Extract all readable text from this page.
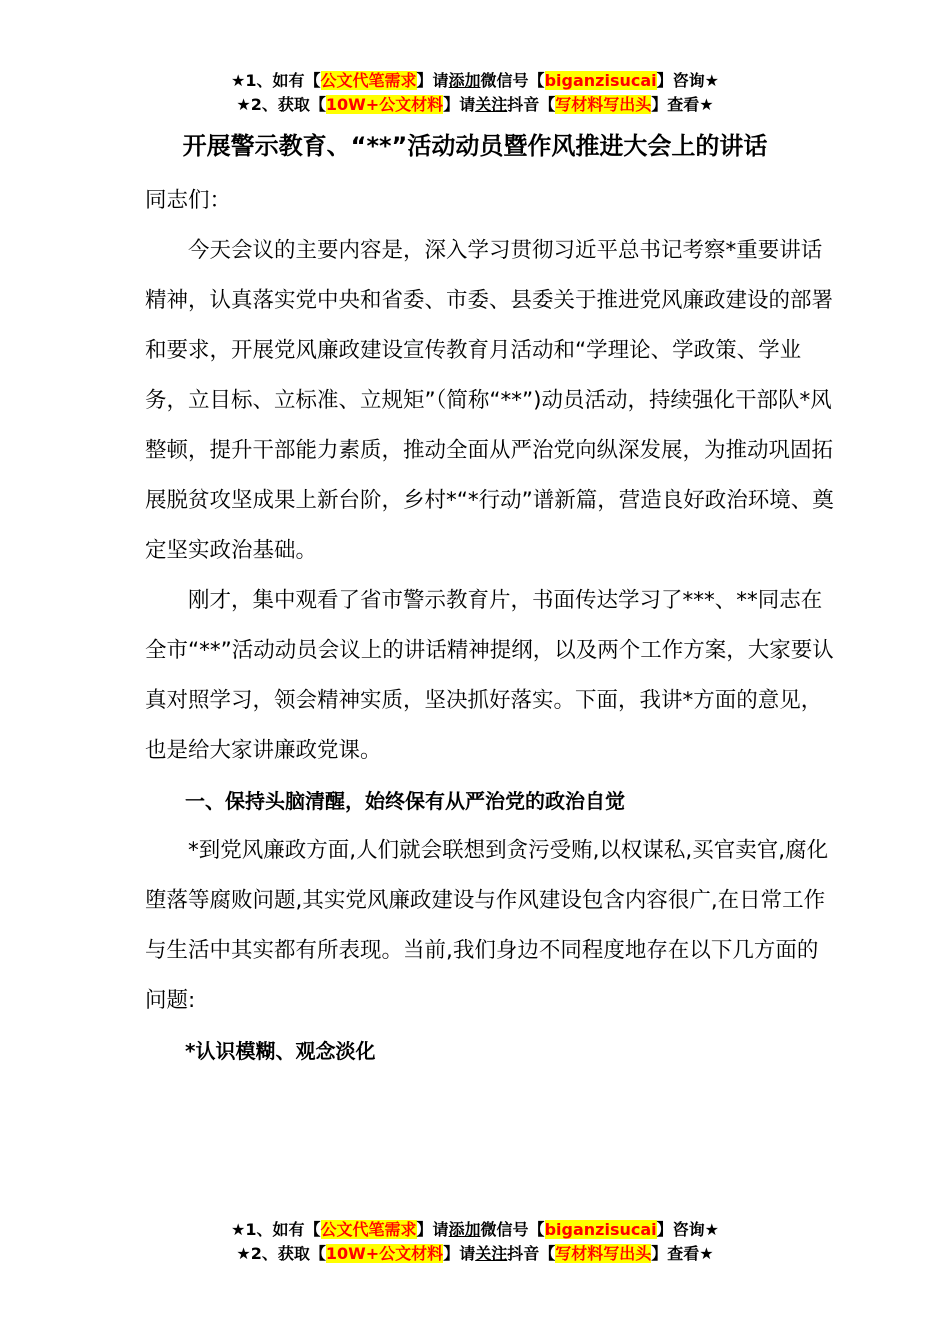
★1、如有【公文代笔需求】请添加微信号【biganzisucai】咨询★
★2、获取【10W+公文材料】请关注抖音【写材料写出头】查看★
开展警示教育、“**”活动动员暨作风推进大会上的讲话

同志们：

今天会议的主要内容是，深入学习贯彻习近平总书记考察*重要讲话精神，认真落实党中央和省委、市委、县委关于推进党风廉政建设的部署和要求，开展党风廉政建设宣传教育月活动和“学理论、学政策、学业务，立目标、立标准、立规矩”（简称“**”)动员活动，持续强化干部队*风整顿，提升干部能力素质，推动全面从严治党向纵深发展，为推动巩固拓展脱贫攻坚成果上新台阶，乡村*“*行动”谱新篇，营造良好政治环境、奠定坚实政治基础。

刚才，集中观看了省市警示教育片，书面传达学习了***、**同志在全市“**”活动动员会议上的讲话精神提纲，以及两个工作方案，大家要认真对照学习，领会精神实质，坚决抓好落实。下面，我讲*方面的意见，也是给大家讲廉政党课。

一、保持头脑清醒，始终保有从严治党的政治自觉

*到党风廉政方面,人们就会联想到贪污受贿,以权谋私,买官卖官,腐化堕落等腐败问题,其实党风廉政建设与作风建设包含内容很广,在日常工作与生活中其实都有所表现。当前,我们身边不同程度地存在以下几方面的问题:

*认识模糊、观念淡化

★1、如有【公文代笔需求】请添加微信号【biganzisucai】咨询★
★2、获取【10W+公文材料】请关注抖音【写材料写出头】查看★
